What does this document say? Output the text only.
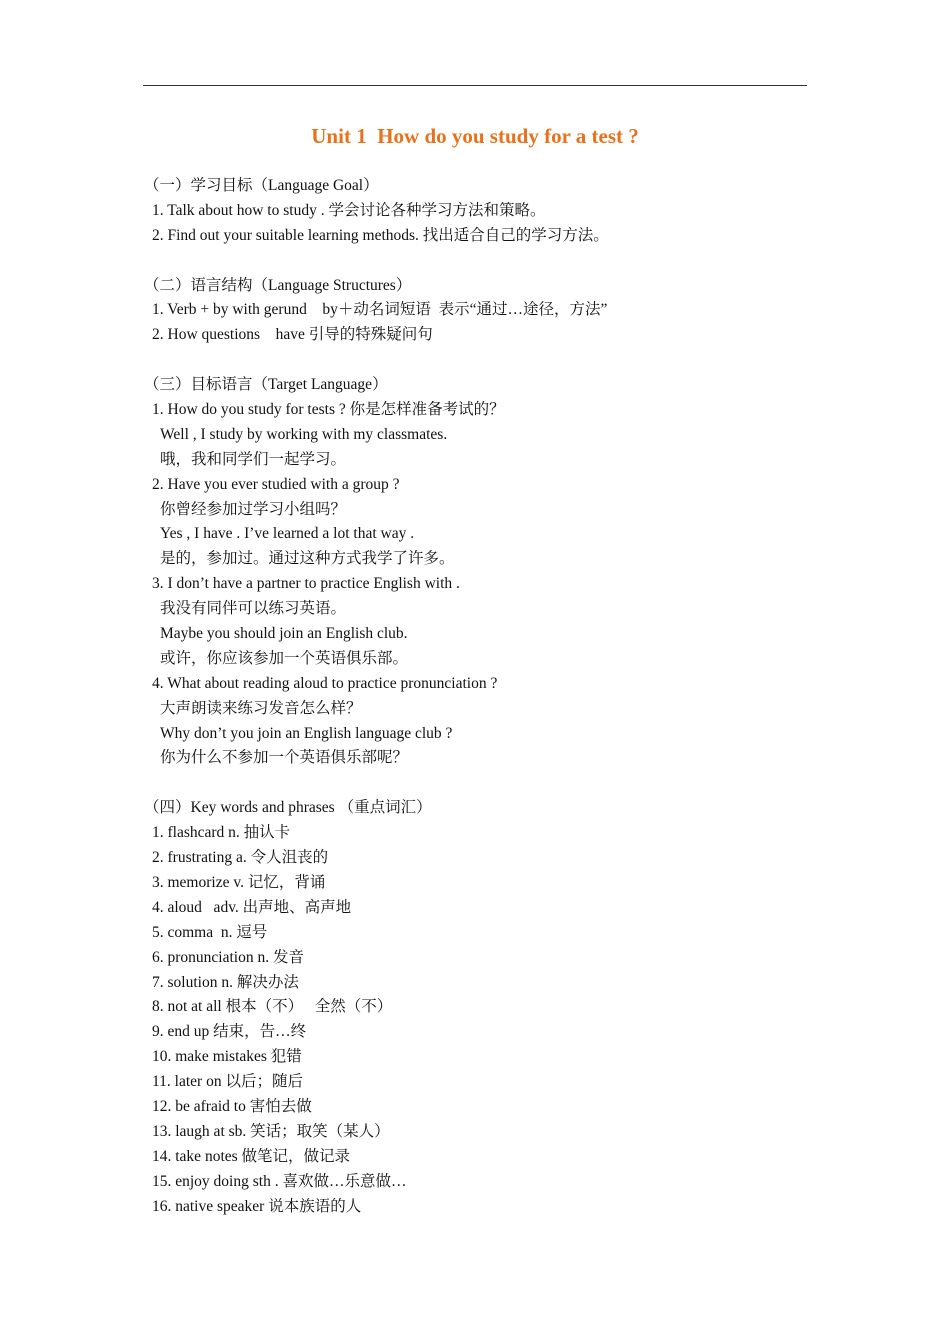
Unit 1  How do you study for a test ?
（一）学习目标（Language Goal）
1. Talk about how to study . 学会讨论各种学习方法和策略。
2. Find out your suitable learning methods. 找出适合自己的学习方法。
（二）语言结构（Language Structures）
1. Verb + by with gerund    by＋动名词短语  表示“通过…途径，方法”
2. How questions    have 引导的特殊疑问句
（三）目标语言（Target Language）
1. How do you study for tests ? 你是怎样准备考试的？
Well , I study by working with my classmates.
哦，我和同学们一起学习。
2. Have you ever studied with a group ?
你曾经参加过学习小组吗？
Yes , I have . I’ve learned a lot that way .
是的，参加过。通过这种方式我学了许多。
3. I don’t have a partner to practice English with .
我没有同伴可以练习英语。
Maybe you should join an English club.
或许，你应该参加一个英语俱乐部。
4. What about reading aloud to practice pronunciation ?
大声朗读来练习发音怎么样？
Why don’t you join an English language club ?
你为什么不参加一个英语俱乐部呢？
（四）Key words and phrases （重点词汇）
1. flashcard n. 抽认卡
2. frustrating a. 令人沮丧的
3. memorize v. 记忆，背诵
4. aloud   adv. 出声地、高声地
5. comma  n. 逗号
6. pronunciation n. 发音
7. solution n. 解决办法
8. not at all 根本（不）   全然（不）
9. end up 结束，告…终
10. make mistakes 犯错
11. later on 以后；随后
12. be afraid to 害怕去做
13. laugh at sb. 笑话；取笑（某人）
14. take notes 做笔记，做记录
15. enjoy doing sth . 喜欢做…乐意做…
16. native speaker 说本族语的人
